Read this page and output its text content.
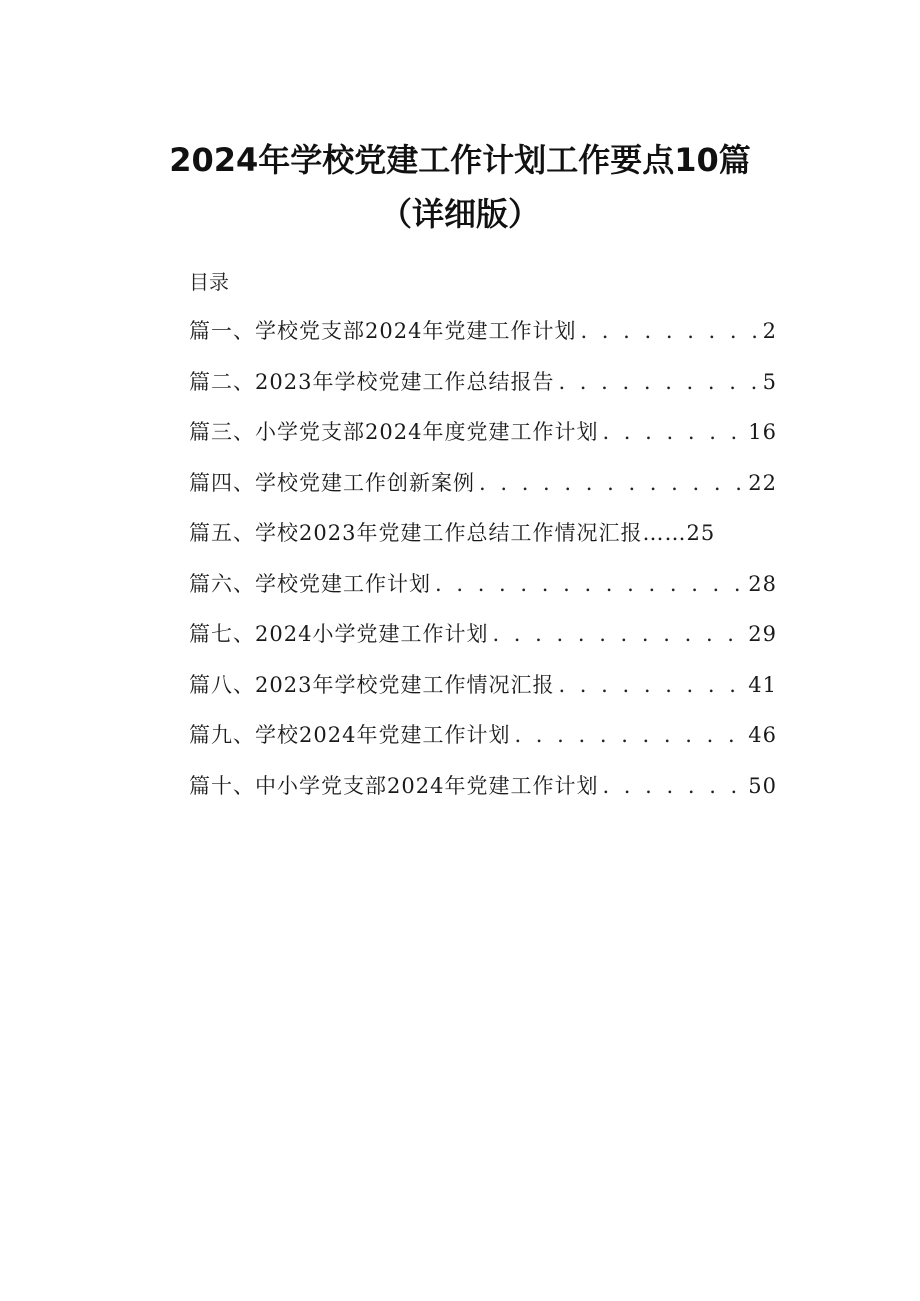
2024年学校党建工作计划工作要点10篇
（详细版）
目录
篇一、学校党支部2024年党建工作计划 . . .	2
篇二、2023年学校党建工作总结报告 . . .	5
篇三、小学党支部2024年度党建工作计划 . . .	16
篇四、学校党建工作创新案例 . . .	22
篇五、学校2023年党建工作总结工作情况汇报 ……25
篇六、学校党建工作计划 . . .	28
篇七、2024小学党建工作计划 . . .	29
篇八、2023年学校党建工作情况汇报 . . .	41
篇九、学校2024年党建工作计划 . . .	46
篇十、中小学党支部2024年党建工作计划 . . .	50
